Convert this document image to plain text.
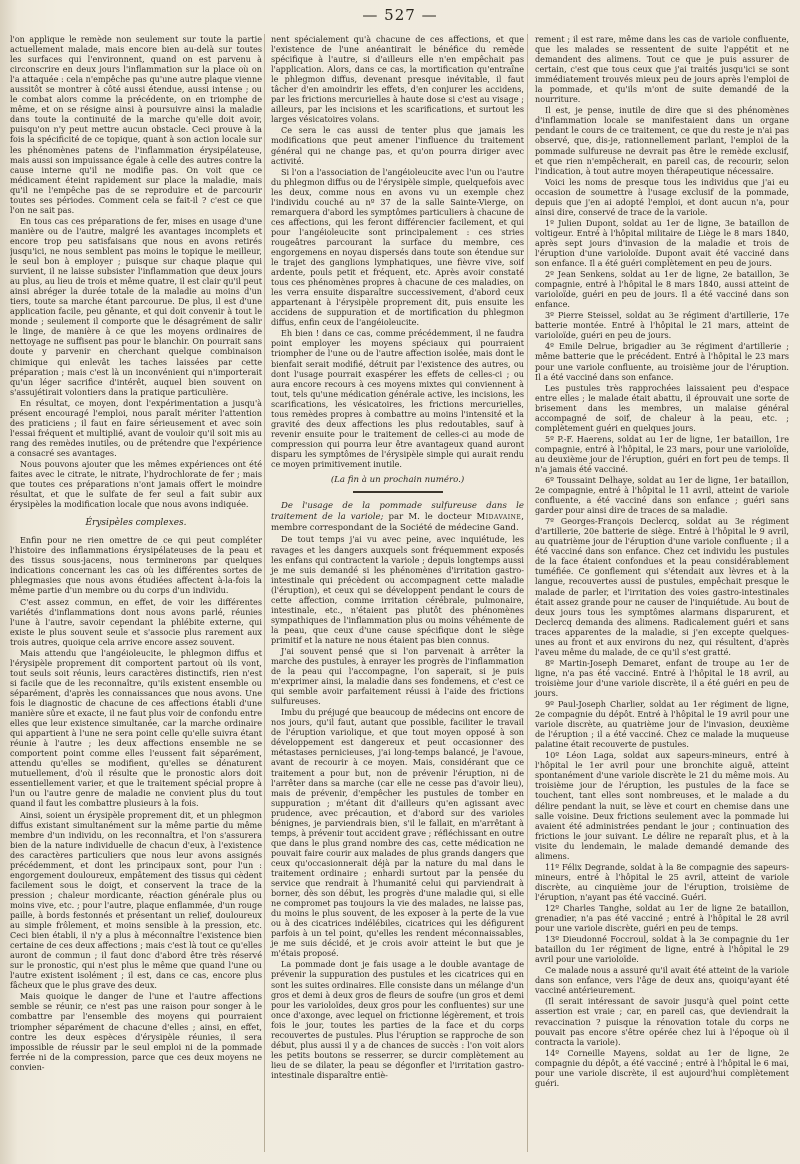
— 527 —

l'on applique le remède non seulement sur toute la partie actuellement malade, mais encore bien au-delà sur toutes les surfaces qui l'environnent, quand on est parvenu à circonscrire en deux jours l'inflammation sur la place où on l'a attaquée : cela n'empêche pas qu'une autre plaque vienne aussitôt se montrer à côté aussi étendue, aussi intense ; ou le combat alors comme la précédente, on en triomphe de même, et on se résigne ainsi à poursuivre ainsi la maladie dans toute la continuité de la marche qu'elle doit avoir, puisqu'on n'y peut mettre aucun obstacle. Ceci prouve à la fois la spécificité de ce topique, quant à son action locale sur les phénomènes patens de l'inflammation érysipélateuse, mais aussi son impuissance égale à celle des autres contre la cause interne qu'il ne modifie pas. On voit que ce médicament éteint rapidement sur place la maladie, mais qu'il ne l'empêche pas de se reproduire et de parcourir toutes ses périodes. Comment cela se fait-il ? c'est ce que l'on ne sait pas.

En tous cas ces préparations de fer, mises en usage d'une manière ou de l'autre, malgré les avantages incomplets et encore trop peu satisfaisans que nous en avons retirés jusqu'ici, ne nous semblent pas moins le topique le meilleur, le seul bon à employer ; puisque sur chaque plaque qui survient, il ne laisse subsister l'inflammation que deux jours au plus, au lieu de trois et même quatre, il est clair qu'il peut ainsi abréger la durée totale de la maladie au moins d'un tiers, toute sa marche étant parcourue. De plus, il est d'une application facile, peu gênante, et qui doit convenir à tout le monde ; seulement il comporte que le désagrément de salir le linge, de manière à ce que les moyens ordinaires de nettoyage ne suffisent pas pour le blanchir. On pourrait sans doute y parvenir en cherchant quelque combinaison chimique qui enlevât les taches laissées par cette préparation ; mais c'est là un inconvénient qui n'importerait qu'un léger sacrifice d'intérêt, auquel bien souvent on s'assujétirait volontiers dans la pratique particulière.

En résultat, ce moyen, dont l'expérimentation a jusqu'à présent encouragé l'emploi, nous paraît mériter l'attention des praticiens ; il faut en faire sérieusement et avec soin l'essai fréquent et multiplié, avant de vouloir qu'il soit mis au rang des remèdes inutiles, ou de prétendre que l'expérience a consacré ses avantages.

Nous pouvons ajouter que les mêmes expériences ont été faites avec le citrate, le nitrate, l'hydrochlorate de fer ; mais que toutes ces préparations n'ont jamais offert le moindre résultat, et que le sulfate de fer seul a fait subir aux érysipèles la modification locale que nous avons indiquée.

Érysipèles complexes.

Enfin pour ne rien omettre de ce qui peut compléter l'histoire des inflammations érysipélateuses de la peau et des tissus sous-jacens, nous terminerons par quelques indications concernant les cas où les différentes sortes de phlegmasies que nous avons étudiées affectent à-la-fois la même partie d'un membre ou du corps d'un individu.

C'est assez commun, en effet, de voir les différentes variétés d'inflammations dont nous avons parlé, réunies l'une à l'autre, savoir cependant la phlébite externe, qui existe le plus souvent seule et s'associe plus rarement aux trois autres, quoique cela arrive encore assez souvent.

Mais attendu que l'angéioleucite, le phlegmon diffus et l'érysipèle proprement dit comportent partout où ils vont, tout seuls soit réunis, leurs caractères distinctifs, rien n'est si facile que de les reconnaître, qu'ils existent ensemble ou séparément, d'après les connaissances que nous avons. Une fois le diagnostic de chacune de ces affections établi d'une manière sûre et exacte, il ne faut plus voir de confondu entre elles que leur existence simultanée, car la marche ordinaire qui appartient à l'une ne sera point celle qu'elle suivra étant réunie à l'autre ; les deux affections ensemble ne se comportent point comme elles l'eussent fait séparément, attendu qu'elles se modifient, qu'elles se dénaturent mutuellement, d'où il résulte que le pronostic alors doit essentiellement varier, et que le traitement spécial propre à l'un ou l'autre genre de maladie ne convient plus du tout quand il faut les combattre plusieurs à la fois.

Ainsi, soient un érysipèle proprement dit, et un phlegmon diffus existant simultanément sur la même partie du même membre d'un individu, on les reconnaîtra, et l'on s'assurera bien de la nature individuelle de chacun d'eux, à l'existence des caractères particuliers que nous leur avons assignés précédemment, et dont les principaux sont, pour l'un : engorgement douloureux, empâtement des tissus qui cèdent facilement sous le doigt, et conservent la trace de la pression ; chaleur mordicante, réaction générale plus ou moins vive, etc. ; pour l'autre, plaque enflammée, d'un rouge paille, à bords festonnés et présentant un relief, douloureux au simple frôlement, et moins sensible à la pression, etc. Ceci bien établi, il n'y a plus à méconnaître l'existence bien certaine de ces deux affections ; mais c'est là tout ce qu'elles auront de commun ; il faut donc d'abord être très réservé sur le pronostic, qui n'est plus le même que quand l'une ou l'autre existent isolément ; il est, dans ce cas, encore plus fâcheux que le plus grave des deux.

Mais quoique le danger de l'une et l'autre affections semble se réunir, ce n'est pas une raison pour songer à le combattre par l'ensemble des moyens qui pourraient triompher séparément de chacune d'elles ; ainsi, en effet, contre les deux espèces d'érysipèle réunies, il sera impossible de réussir par le seul emploi ni de la pommade ferrée ni de la compression, parce que ces deux moyens ne convien-

nent spécialement qu'à chacune de ces affections, et que l'existence de l'une anéantirait le bénéfice du remède spécifique à l'autre, si d'ailleurs elle n'en empêchait pas l'application. Alors, dans ce cas, la mortification qu'entraîne le phlegmon diffus, devenant presque inévitable, il faut tâcher d'en amoindrir les effets, d'en conjurer les accidens, par les frictions mercurielles à haute dose si c'est au visage ; ailleurs, par les incisions et les scarifications, et surtout les larges vésicatoires volans.

Ce sera le cas aussi de tenter plus que jamais les modifications que peut amener l'influence du traitement général qui ne change pas, et qu'on pourra diriger avec activité.

Si l'on a l'association de l'angéioleucite avec l'un ou l'autre du phlegmon diffus ou de l'érysipèle simple, quelquefois avec les deux, comme nous en avons vu un exemple chez l'individu couché au nº 37 de la salle Sainte-Vierge, on remarquera d'abord les symptômes particuliers à chacune de ces affections, qui les feront différencier facilement, et qui pour l'angéioleucite sont principalement : ces stries rougeâtres parcourant la surface du membre, ces engorgemens en noyau dispersés dans toute son étendue sur le trajet des ganglions lymphatiques, une fièvre vive, soif ardente, pouls petit et fréquent, etc. Après avoir constaté tous ces phénomènes propres à chacune de ces maladies, on les verra ensuite disparaître successivement, d'abord ceux appartenant à l'érysipèle proprement dit, puis ensuite les accidens de suppuration et de mortification du phlegmon diffus, enfin ceux de l'angéioleucite.

Eh bien ! dans ce cas, comme précédemment, il ne faudra point employer les moyens spéciaux qui pourraient triompher de l'une ou de l'autre affection isolée, mais dont le bienfait serait modifié, détruit par l'existence des autres, ou dont l'usage pourrait exaspérer les effets de celles-ci ; ou aura encore recours à ces moyens mixtes qui conviennent à tout, tels qu'une médication générale active, les incisions, les scarifications, les vésicatoires, les frictions mercurielles, tous remèdes propres à combattre au moins l'intensité et la gravité des deux affections les plus redoutables, sauf à revenir ensuite pour le traitement de celles-ci au mode de compression qui pourra leur être avantageux quand auront disparu les symptômes de l'érysipèle simple qui aurait rendu ce moyen primitivement inutile.

(La fin à un prochain numéro.)

De l'usage de la pommade sulfureuse dans le traitement de la variole; par M. le docteur Midavaine, membre correspondant de la Société de médecine Gand.

De tout temps j'ai vu avec peine, avec inquiétude, les ravages et les dangers auxquels sont fréquemment exposés les enfans qui contractent la variole ; depuis longtemps aussi je me suis demandé si les phénomènes d'irritation gastro-intestinale qui précèdent ou accompagnent cette maladie (l'éruption), et ceux qui se développent pendant le cours de cette affection, comme irritation cérébrale, pulmonaire, intestinale, etc., n'étaient pas plutôt des phénomènes sympathiques de l'inflammation plus ou moins véhémente de la peau, que ceux d'une cause spécifique dont le siège primitif et la nature ne nous étaient pas bien connus.

J'ai souvent pensé que si l'on parvenait à arrêter la marche des pustules, à enrayer les progrès de l'inflammation de la peau qui l'accompagne, l'on saperait, si je puis m'exprimer ainsi, la maladie dans ses fondemens, et c'est ce qui semble avoir parfaitement réussi à l'aide des frictions sulfureuses.

Imbu du préjugé que beaucoup de médecins ont encore de nos jours, qu'il faut, autant que possible, faciliter le travail de l'éruption variolique, et que tout moyen opposé à son développement est dangereux et peut occasionner des métastases pernicieuses, j'ai long-temps balancé, je l'avoue, avant de recourir à ce moyen. Mais, considérant que ce traitement a pour but, non de prévenir l'éruption, ni de l'arrêter dans sa marche (car elle ne cesse pas d'avoir lieu), mais de prévenir, d'empêcher les pustules de tomber en suppuration ; m'étant dit d'ailleurs qu'en agissant avec prudence, avec précaution, et d'abord sur des varioles bénignes, je parviendrais bien, s'il le fallait, en m'arrêtant à temps, à prévenir tout accident grave ; réfléchissant en outre que dans le plus grand nombre des cas, cette médication ne pouvait faire courir aux malades de plus grands dangers que ceux qu'occasionnerait déjà par la nature du mal dans le traitement ordinaire ; enhardi surtout par la pensée du service que rendrait à l'humanité celui qui parviendrait à borner, dès son début, les progrès d'une maladie qui, si elle ne compromet pas toujours la vie des malades, ne laisse pas, du moins le plus souvent, de les exposer à la perte de la vue ou à des cicatrices indélébiles, cicatrices qui les défigurent parfois à un tel point, qu'elles les rendent méconnaissables, je me suis décidé, et je crois avoir atteint le but que je m'étais proposé.

La pommade dont je fais usage a le double avantage de prévenir la suppuration des pustules et les cicatrices qui en sont les suites ordinaires. Elle consiste dans un mélange d'un gros et demi à deux gros de fleurs de soufre (un gros et demi pour les varioloïdes, deux gros pour les confluentes) sur une once d'axonge, avec lequel on frictionne légèrement, et trois fois le jour, toutes les parties de la face et du corps recouvertes de pustules. Plus l'éruption se rapproche de son début, plus aussi il y a de chances de succès : l'on voit alors les petits boutons se resserrer, se durcir complètement au lieu de se dilater, la peau se dégonfler et l'irritation gastro-intestinale disparaître entiè-

rement ; il est rare, même dans les cas de variole confluente, que les malades se ressentent de suite l'appétit et ne demandent des alimens. Tout ce que je puis assurer de certain, c'est que tous ceux que j'ai traités jusqu'ici se sont immédiatement trouvés mieux peu de jours après l'emploi de la pommade, et qu'ils m'ont de suite demandé de la nourriture.

Il est, je pense, inutile de dire que si des phénomènes d'inflammation locale se manifestaient dans un organe pendant le cours de ce traitement, ce que du reste je n'ai pas observé, que, dis-je, rationnellement parlant, l'emploi de la pommade sulfureuse ne devrait pas être le remède exclusif, et que rien n'empêcherait, en pareil cas, de recourir, selon l'indication, à tout autre moyen thérapeutique nécessaire.

Voici les noms de presque tous les individus que j'ai eu occasion de soumettre à l'usage exclusif de la pommade, depuis que j'en ai adopté l'emploi, et dont aucun n'a, pour ainsi dire, conservé de trace de la variole.

1º Julien Dupont, soldat au 1er de ligne, 3e bataillon de voltigeur. Entré à l'hôpital militaire de Liège le 8 mars 1840, après sept jours d'invasion de la maladie et trois de l'éruption d'une varioloïde. Dupont avait été vacciné dans son enfance. Il a été guéri complètement en peu de jours.

2º Jean Senkens, soldat au 1er de ligne, 2e bataillon, 3e compagnie, entré à l'hôpital le 8 mars 1840, aussi atteint de varioloïde, guéri en peu de jours. Il a été vacciné dans son enfance.

3º Pierre Steissel, soldat au 3e régiment d'artillerie, 17e batterie montée. Entré à l'hôpital le 21 mars, atteint de varioloïde, guéri en peu de jours.

4º Emile Delrue, brigadier au 3e régiment d'artillerie ; même batterie que le précédent. Entré à l'hôpital le 23 mars pour une variole confluente, au troisième jour de l'éruption. Il a été vacciné dans son enfance.

Les pustules très rapprochées laissaient peu d'espace entre elles ; le malade était abattu, il éprouvait une sorte de brisement dans les membres, un malaise général accompagné de soif, de chaleur à la peau, etc. ; complètement guéri en quelques jours.

5º P.-F. Haerens, soldat au 1er de ligne, 1er bataillon, 1re compagnie, entré à l'hôpital, le 23 mars, pour une varioloïde, au deuxième jour de l'éruption, guéri en fort peu de temps. Il n'a jamais été vacciné.

6º Toussaint Delhaye, soldat au 1er de ligne, 1er bataillon, 2e compagnie, entré à l'hôpital le 11 avril, atteint de variole confluente, a été vacciné dans son enfance ; guéri sans garder pour ainsi dire de traces de sa maladie.

7º Georges-François Declercq, soldat au 3e régiment d'artillerie, 20e batterie de siège. Entré à l'hôpital le 9 avril, au quatrième jour de l'éruption d'une variole confluente ; il a été vacciné dans son enfance. Chez cet individu les pustules de la face étaient confondues et la peau considérablement tuméfiée. Ce gonflement qui s'étendait aux lèvres et à la langue, recouvertes aussi de pustules, empêchait presque le malade de parler, et l'irritation des voies gastro-intestinales était assez grande pour ne causer de l'inquiétude. Au bout de deux jours tous les symptômes alarmans disparurent, et Declercq demanda des alimens. Radicalement guéri et sans traces apparentes de la maladie, si j'en excepte quelques-unes au front et aux environs du nez, qui résultent, d'après l'aveu même du malade, de ce qu'il s'est gratté.

8º Martin-Joseph Demaret, enfant de troupe au 1er de ligne, n'a pas été vacciné. Entré à l'hôpital le 18 avril, au troisième jour d'une variole discrète, il a été guéri en peu de jours.

9º Paul-Joseph Charlier, soldat au 1er régiment de ligne, 2e compagnie du dépôt. Entré à l'hôpital le 19 avril pour une variole discrète, au quatrième jour de l'invasion, deuxième de l'éruption ; il a été vacciné. Chez ce malade la muqueuse palatine était recouverte de pustules.

10º Léon Laga, soldat aux sapeurs-mineurs, entré à l'hôpital le 1er avril pour une bronchite aiguë, atteint spontanément d'une variole discrète le 21 du même mois. Au troisième jour de l'éruption, les pustules de la face se touchent, tant elles sont nombreuses, et le malade a du délire pendant la nuit, se lève et court en chemise dans une salle voisine. Deux frictions seulement avec la pommade lui avaient été administrées pendant le jour ; continuation des frictions le jour suivant. Le délire ne reparaît plus, et à la visite du lendemain, le malade demandé demande des alimens.

11º Félix Degrande, soldat à la 8e compagnie des sapeurs-mineurs, entré à l'hôpital le 25 avril, atteint de variole discrète, au cinquième jour de l'éruption, troisième de l'éruption, n'ayant pas été vacciné. Guéri.

12º Charles Tanghe, soldat au 1er de ligne 2e bataillon, grenadier, n'a pas été vacciné ; entré à l'hôpital le 28 avril pour une variole discrète, guéri en peu de temps.

13º Dieudonné Foccroul, soldat à la 3e compagnie du 1er bataillon du 1er régiment de ligne, entré à l'hôpital le 29 avril pour une varioloïde.

Ce malade nous a assuré qu'il avait été atteint de la variole dans son enfance, vers l'âge de deux ans, quoiqu'ayant été vacciné antérieurement.

(Il serait intéressant de savoir jusqu'à quel point cette assertion est vraie ; car, en pareil cas, que deviendrait la revaccination ? puisque la rénovation totale du corps ne pouvait pas encore s'être opérée chez lui à l'époque où il contracta la variole).

14º Corneille Mayens, soldat au 1er de ligne, 2e compagnie du dépôt, a été vacciné ; entré à l'hôpital le 6 mai, pour une variole discrète, il est aujourd'hui complètement guéri.
